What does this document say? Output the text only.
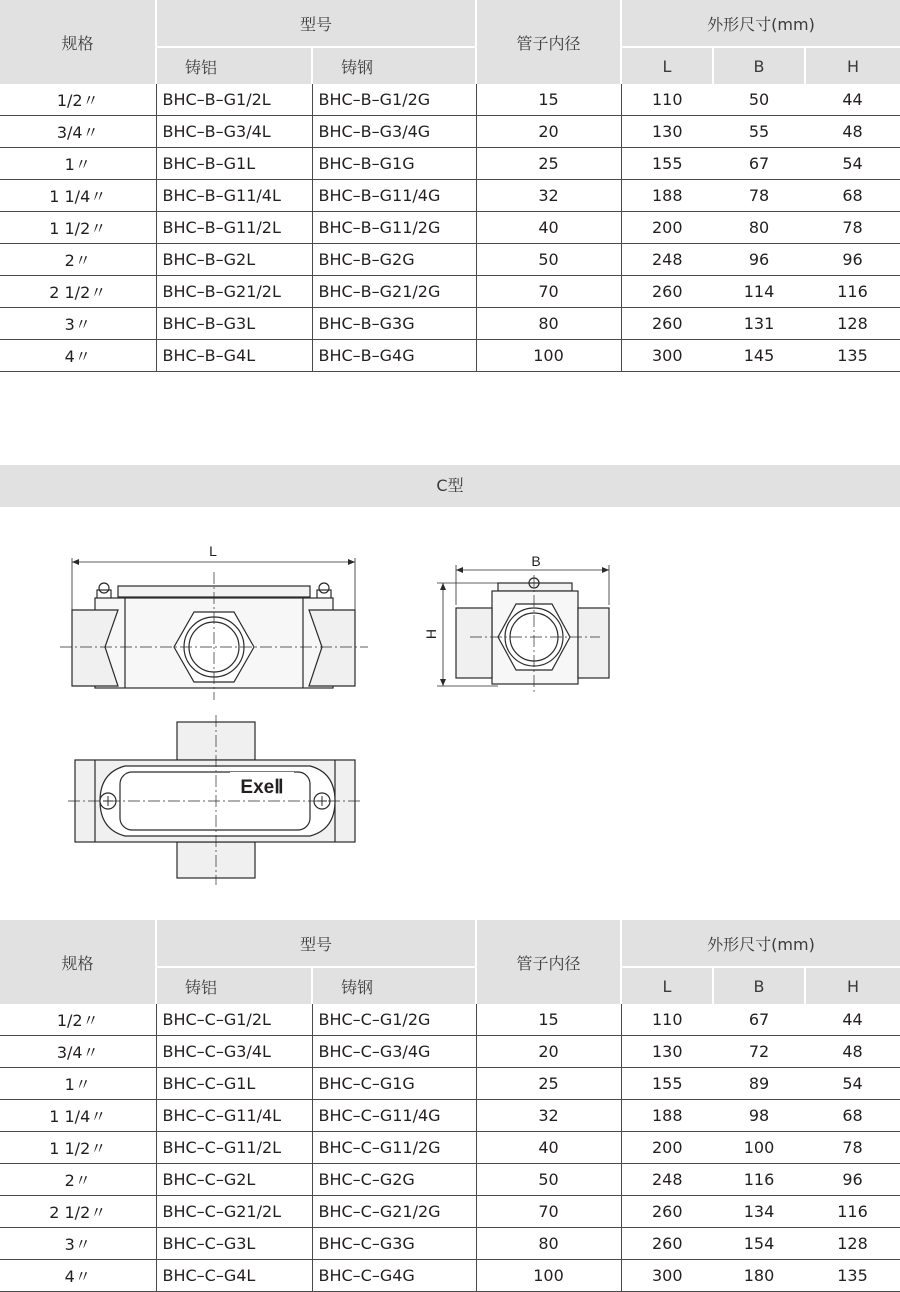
规格	型号		管子内径	外形尺寸(mm)		
	铸铝	铸钢		L	B	H
1/2〃	BHC–B–G1/2L	BHC–B–G1/2G	15	110	50	44
3/4〃	BHC–B–G3/4L	BHC–B–G3/4G	20	130	55	48
1〃	BHC–B–G1L	BHC–B–G1G	25	155	67	54
1 1/4〃	BHC–B–G11/4L	BHC–B–G11/4G	32	188	78	68
1 1/2〃	BHC–B–G11/2L	BHC–B–G11/2G	40	200	80	78
2〃	BHC–B–G2L	BHC–B–G2G	50	248	96	96
2 1/2〃	BHC–B–G21/2L	BHC–B–G21/2G	70	260	114	116
3〃	BHC–B–G3L	BHC–B–G3G	80	260	131	128
4〃	BHC–B–G4L	BHC–B–G4G	100	300	145	135
C型
L
B
H
ExeⅡ
规格	型号		管子内径	外形尺寸(mm)		
	铸铝	铸钢		L	B	H
1/2〃	BHC–C–G1/2L	BHC–C–G1/2G	15	110	67	44
3/4〃	BHC–C–G3/4L	BHC–C–G3/4G	20	130	72	48
1〃	BHC–C–G1L	BHC–C–G1G	25	155	89	54
1 1/4〃	BHC–C–G11/4L	BHC–C–G11/4G	32	188	98	68
1 1/2〃	BHC–C–G11/2L	BHC–C–G11/2G	40	200	100	78
2〃	BHC–C–G2L	BHC–C–G2G	50	248	116	96
2 1/2〃	BHC–C–G21/2L	BHC–C–G21/2G	70	260	134	116
3〃	BHC–C–G3L	BHC–C–G3G	80	260	154	128
4〃	BHC–C–G4L	BHC–C–G4G	100	300	180	135
